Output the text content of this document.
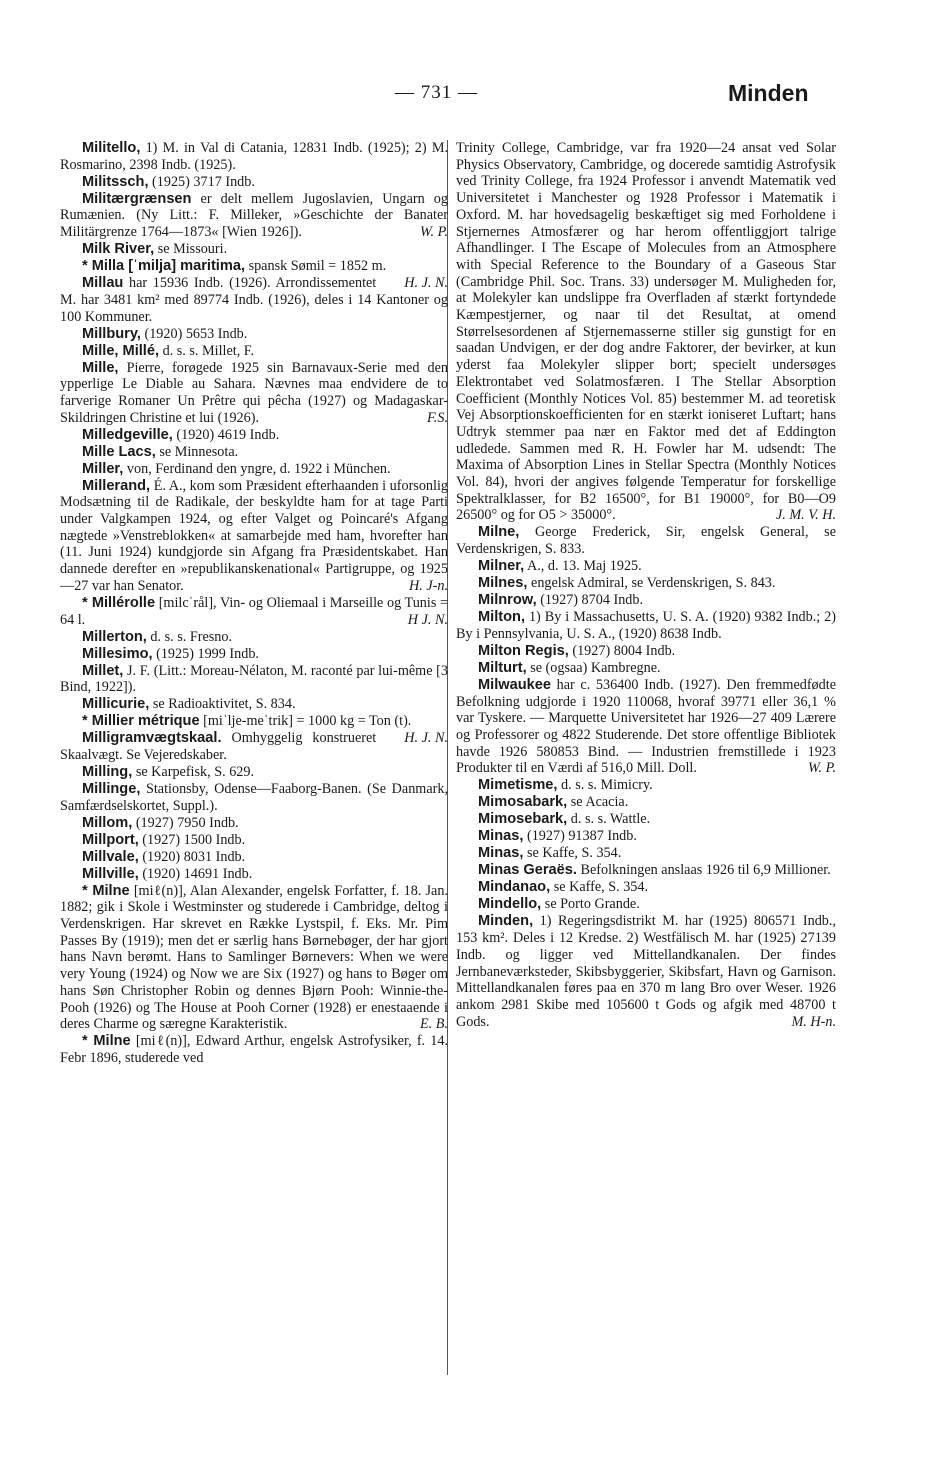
— 731 —	Minden

Militello, 1) M. in Val di Catania, 12831 Indb. (1925); 2) M. Rosmarino, 2398 Indb. (1925).

Militssch, (1925) 3717 Indb.

Militærgrænsen er delt mellem Jugoslavien, Ungarn og Rumænien. (Ny Litt.: F. Milleker, »Geschichte der Banater Militärgrenze 1764—1873« [Wien 1926]).	W. P.

Milk River, se Missouri.

* Milla [ˈmilja] maritima, spansk Sømil = 1852 m.
H. J. N.

Millau har 15936 Indb. (1926). Arrondissementet M. har 3481 km² med 89774 Indb. (1926), deles i 14 Kantoner og 100 Kommuner.

Millbury, (1920) 5653 Indb.

Mille, Millé, d. s. s. Millet, F.

Mille, Pierre, forøgede 1925 sin Barnavaux-Serie med den ypperlige Le Diable au Sahara. Nævnes maa endvidere de to farverige Romaner Un Prêtre qui pêcha (1927) og Madagaskar-Skildringen Christine et lui (1926).	F.S.

Milledgeville, (1920) 4619 Indb.

Mille Lacs, se Minnesota.

Miller, von, Ferdinand den yngre, d. 1922 i München.

Millerand, É. A., kom som Præsident efterhaanden i uforsonlig Modsætning til de Radikale, der beskyldte ham for at tage Parti under Valgkampen 1924, og efter Valget og Poincaré's Afgang nægtede »Venstreblokken« at samarbejde med ham, hvorefter han (11. Juni 1924) kundgjorde sin Afgang fra Præsidentskabet. Han dannede derefter en »republikanskenational« Partigruppe, og 1925—27 var han Senator.	H. J-n.

* Millérolle [milcˈrål], Vin- og Oliemaal i Marseille og Tunis = 64 l.	H J. N.

Millerton, d. s. s. Fresno.

Millesimo, (1925) 1999 Indb.

Millet, J. F. (Litt.: Moreau-Nélaton, M. raconté par lui-même [3 Bind, 1922]).

Millicurie, se Radioaktivitet, S. 834.

* Millier métrique [miˈlje-meˈtrik] = 1000 kg = Ton (t).
H. J. N.

Milligramvægtskaal. Omhyggelig konstrueret Skaalvægt. Se Vejeredskaber.

Milling, se Karpefisk, S. 629.

Millinge, Stationsby, Odense—Faaborg-Banen. (Se Danmark, Samfærdselskortet, Suppl.).

Millom, (1927) 7950 Indb.

Millport, (1927) 1500 Indb.

Millvale, (1920) 8031 Indb.

Millville, (1920) 14691 Indb.

* Milne [miℓ(n)], Alan Alexander, engelsk Forfatter, f. 18. Jan. 1882; gik i Skole i Westminster og studerede i Cambridge, deltog i Verdenskrigen. Har skrevet en Række Lystspil, f. Eks. Mr. Pim Passes By (1919); men det er særlig hans Børnebøger, der har gjort hans Navn berømt. Hans to Samlinger Børnevers: When we were very Young (1924) og Now we are Six (1927) og hans to Bøger om hans Søn Christopher Robin og dennes Bjørn Pooh: Winnie-the-Pooh (1926) og The House at Pooh Corner (1928) er enestaaende i deres Charme og særegne Karakteristik.	E. B.

* Milne [miℓ(n)], Edward Arthur, engelsk Astrofysiker, f. 14. Febr 1896, studerede ved

Trinity College, Cambridge, var fra 1920—24 ansat ved Solar Physics Observatory, Cambridge, og docerede samtidig Astrofysik ved Trinity College, fra 1924 Professor i anvendt Matematik ved Universitetet i Manchester og 1928 Professor i Matematik i Oxford. M. har hovedsagelig beskæftiget sig med Forholdene i Stjernernes Atmosfærer og har herom offentliggjort talrige Afhandlinger. I The Escape of Molecules from an Atmosphere with Special Reference to the Boundary of a Gaseous Star (Cambridge Phil. Soc. Trans. 33) undersøger M. Muligheden for, at Molekyler kan undslippe fra Overfladen af stærkt fortyndede Kæmpestjerner, og naar til det Resultat, at omend Størrelsesordenen af Stjernemasserne stiller sig gunstigt for en saadan Undvigen, er der dog andre Faktorer, der bevirker, at kun yderst faa Molekyler slipper bort; specielt undersøges Elektrontabet ved Solatmosfæren. I The Stellar Absorption Coefficient (Monthly Notices Vol. 85) bestemmer M. ad teoretisk Vej Absorptionskoefficienten for en stærkt ioniseret Luftart; hans Udtryk stemmer paa nær en Faktor med det af Eddington udledede. Sammen med R. H. Fowler har M. udsendt: The Maxima of Absorption Lines in Stellar Spectra (Monthly Notices Vol. 84), hvori der angives følgende Temperatur for forskellige Spektralklasser, for B2 16500°, for B1 19000°, for B0—O9 26500° og for O5 > 35000°.	J. M. V. H.

Milne, George Frederick, Sir, engelsk General, se Verdenskrigen, S. 833.

Milner, A., d. 13. Maj 1925.

Milnes, engelsk Admiral, se Verdenskrigen, S. 843.

Milnrow, (1927) 8704 Indb.

Milton, 1) By i Massachusetts, U. S. A. (1920) 9382 Indb.; 2) By i Pennsylvania, U. S. A., (1920) 8638 Indb.

Milton Regis, (1927) 8004 Indb.

Milturt, se (ogsaa) Kambregne.

Milwaukee har c. 536400 Indb. (1927). Den fremmedfødte Befolkning udgjorde i 1920 110068, hvoraf 39771 eller 36,1 % var Tyskere. — Marquette Universitetet har 1926—27 409 Lærere og Professorer og 4822 Studerende. Det store offentlige Bibliotek havde 1926 580853 Bind. — Industrien fremstillede i 1923 Produkter til en Værdi af 516,0 Mill. Doll.	W. P.

Mimetisme, d. s. s. Mimicry.

Mimosabark, se Acacia.

Mimosebark, d. s. s. Wattle.

Minas, (1927) 91387 Indb.

Minas, se Kaffe, S. 354.

Minas Geraës. Befolkningen anslaas 1926 til 6,9 Millioner.

Mindanao, se Kaffe, S. 354.

Mindello, se Porto Grande.

Minden, 1) Regeringsdistrikt M. har (1925) 806571 Indb., 153 km². Deles i 12 Kredse. 2) Westfälisch M. har (1925) 27139 Indb. og ligger ved Mittellandkanalen. Der findes Jernbaneværksteder, Skibsbyggerier, Skibsfart, Havn og Garnison. Mittellandkanalen føres paa en 370 m lang Bro over Weser. 1926 ankom 2981 Skibe med 105600 t Gods og afgik med 48700 t Gods.	M. H-n.
